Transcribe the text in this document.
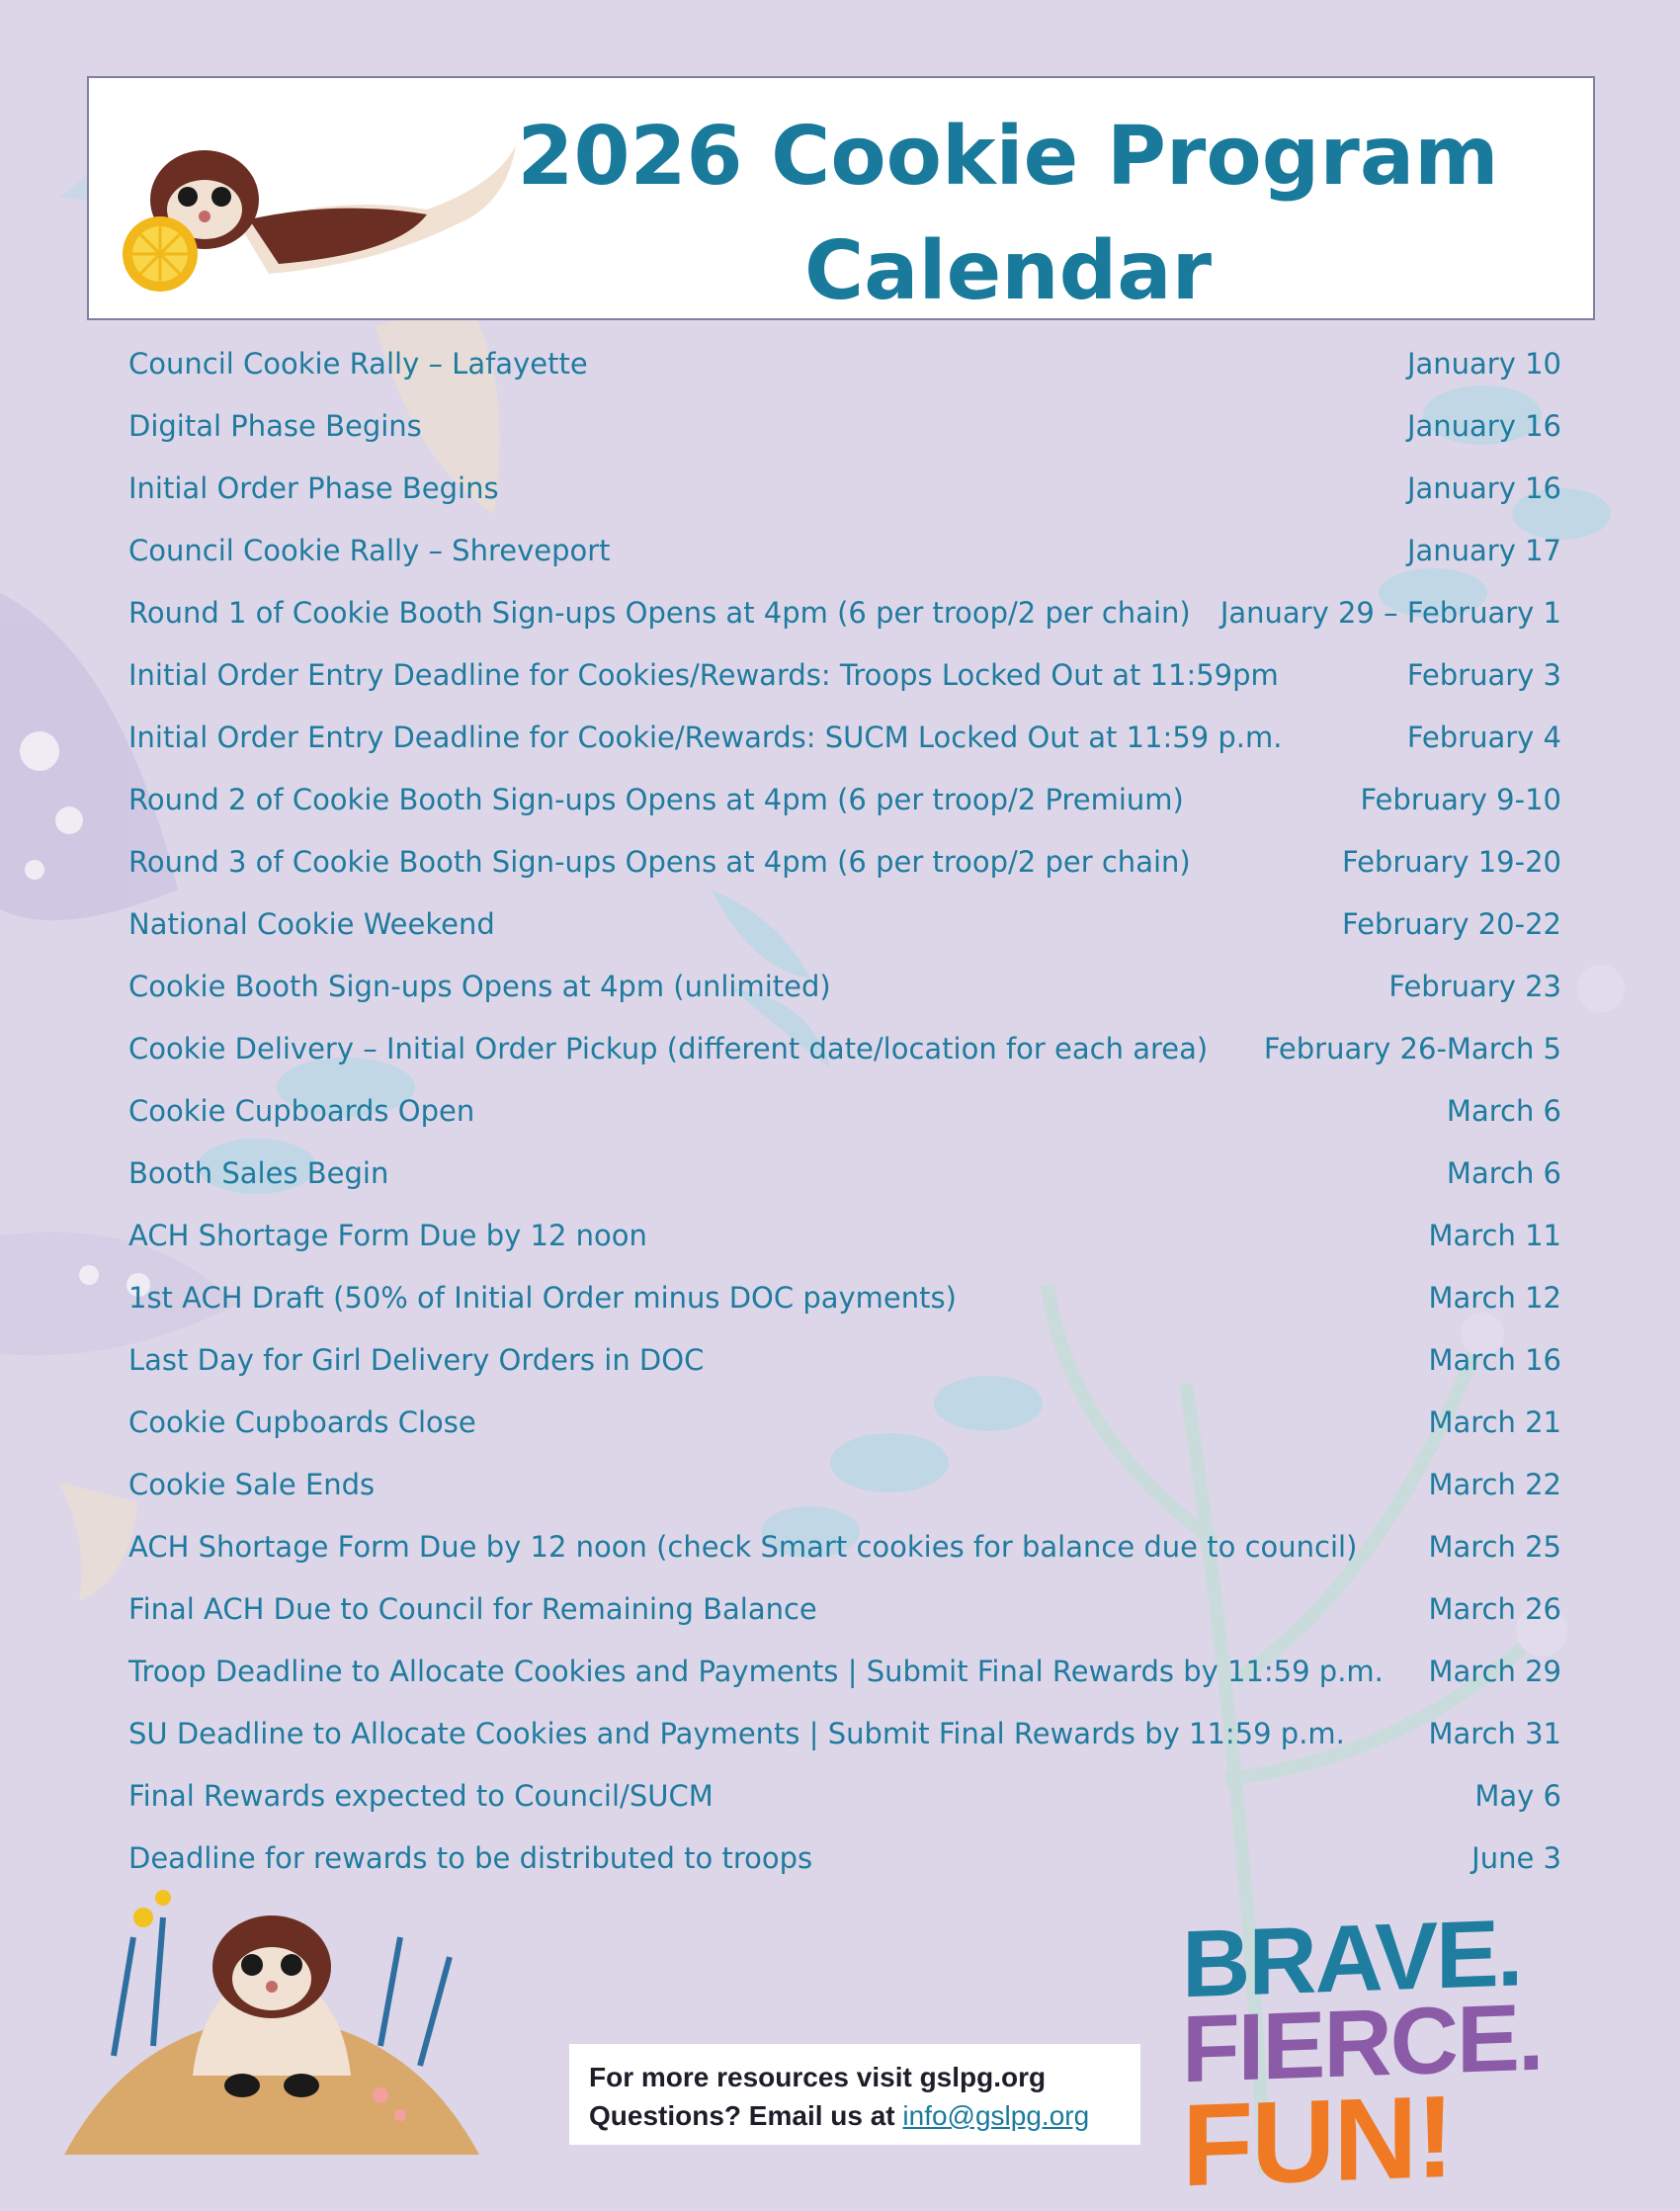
2026 Cookie Program
Calendar
Council Cookie Rally – Lafayette	January 10
Digital Phase Begins	January 16
Initial Order Phase Begins	January 16
Council Cookie Rally – Shreveport	January 17
Round 1 of Cookie Booth Sign-ups Opens at 4pm (6 per troop/2 per chain)	January 29 – February 1
Initial Order Entry Deadline for Cookies/Rewards: Troops Locked Out at 11:59pm	February 3
Initial Order Entry Deadline for Cookie/Rewards: SUCM Locked Out at 11:59 p.m.	February 4
Round 2 of Cookie Booth Sign-ups Opens at 4pm (6 per troop/2 Premium)	February 9-10
Round 3 of Cookie Booth Sign-ups Opens at 4pm (6 per troop/2 per chain)	February 19-20
National Cookie Weekend	February 20-22
Cookie Booth Sign-ups Opens at 4pm (unlimited)	February 23
Cookie Delivery – Initial Order Pickup (different date/location for each area)	February 26-March 5
Cookie Cupboards Open	March 6
Booth Sales Begin	March 6
ACH Shortage Form Due by 12 noon	March 11
1st ACH Draft (50% of Initial Order minus DOC payments)	March 12
Last Day for Girl Delivery Orders in DOC	March 16
Cookie Cupboards Close	March 21
Cookie Sale Ends	March 22
ACH Shortage Form Due by 12 noon (check Smart cookies for balance due to council)	March 25
Final ACH Due to Council for Remaining Balance	March 26
Troop Deadline to Allocate Cookies and Payments | Submit Final Rewards by 11:59 p.m.	March 29
SU Deadline to Allocate Cookies and Payments | Submit Final Rewards by 11:59 p.m.	March 31
Final Rewards expected to Council/SUCM	May 6
Deadline for rewards to be distributed to troops	June 3
For more resources visit gslpg.org
Questions? Email us at info@gslpg.org
BRAVE.
FIERCE.
FUN!
